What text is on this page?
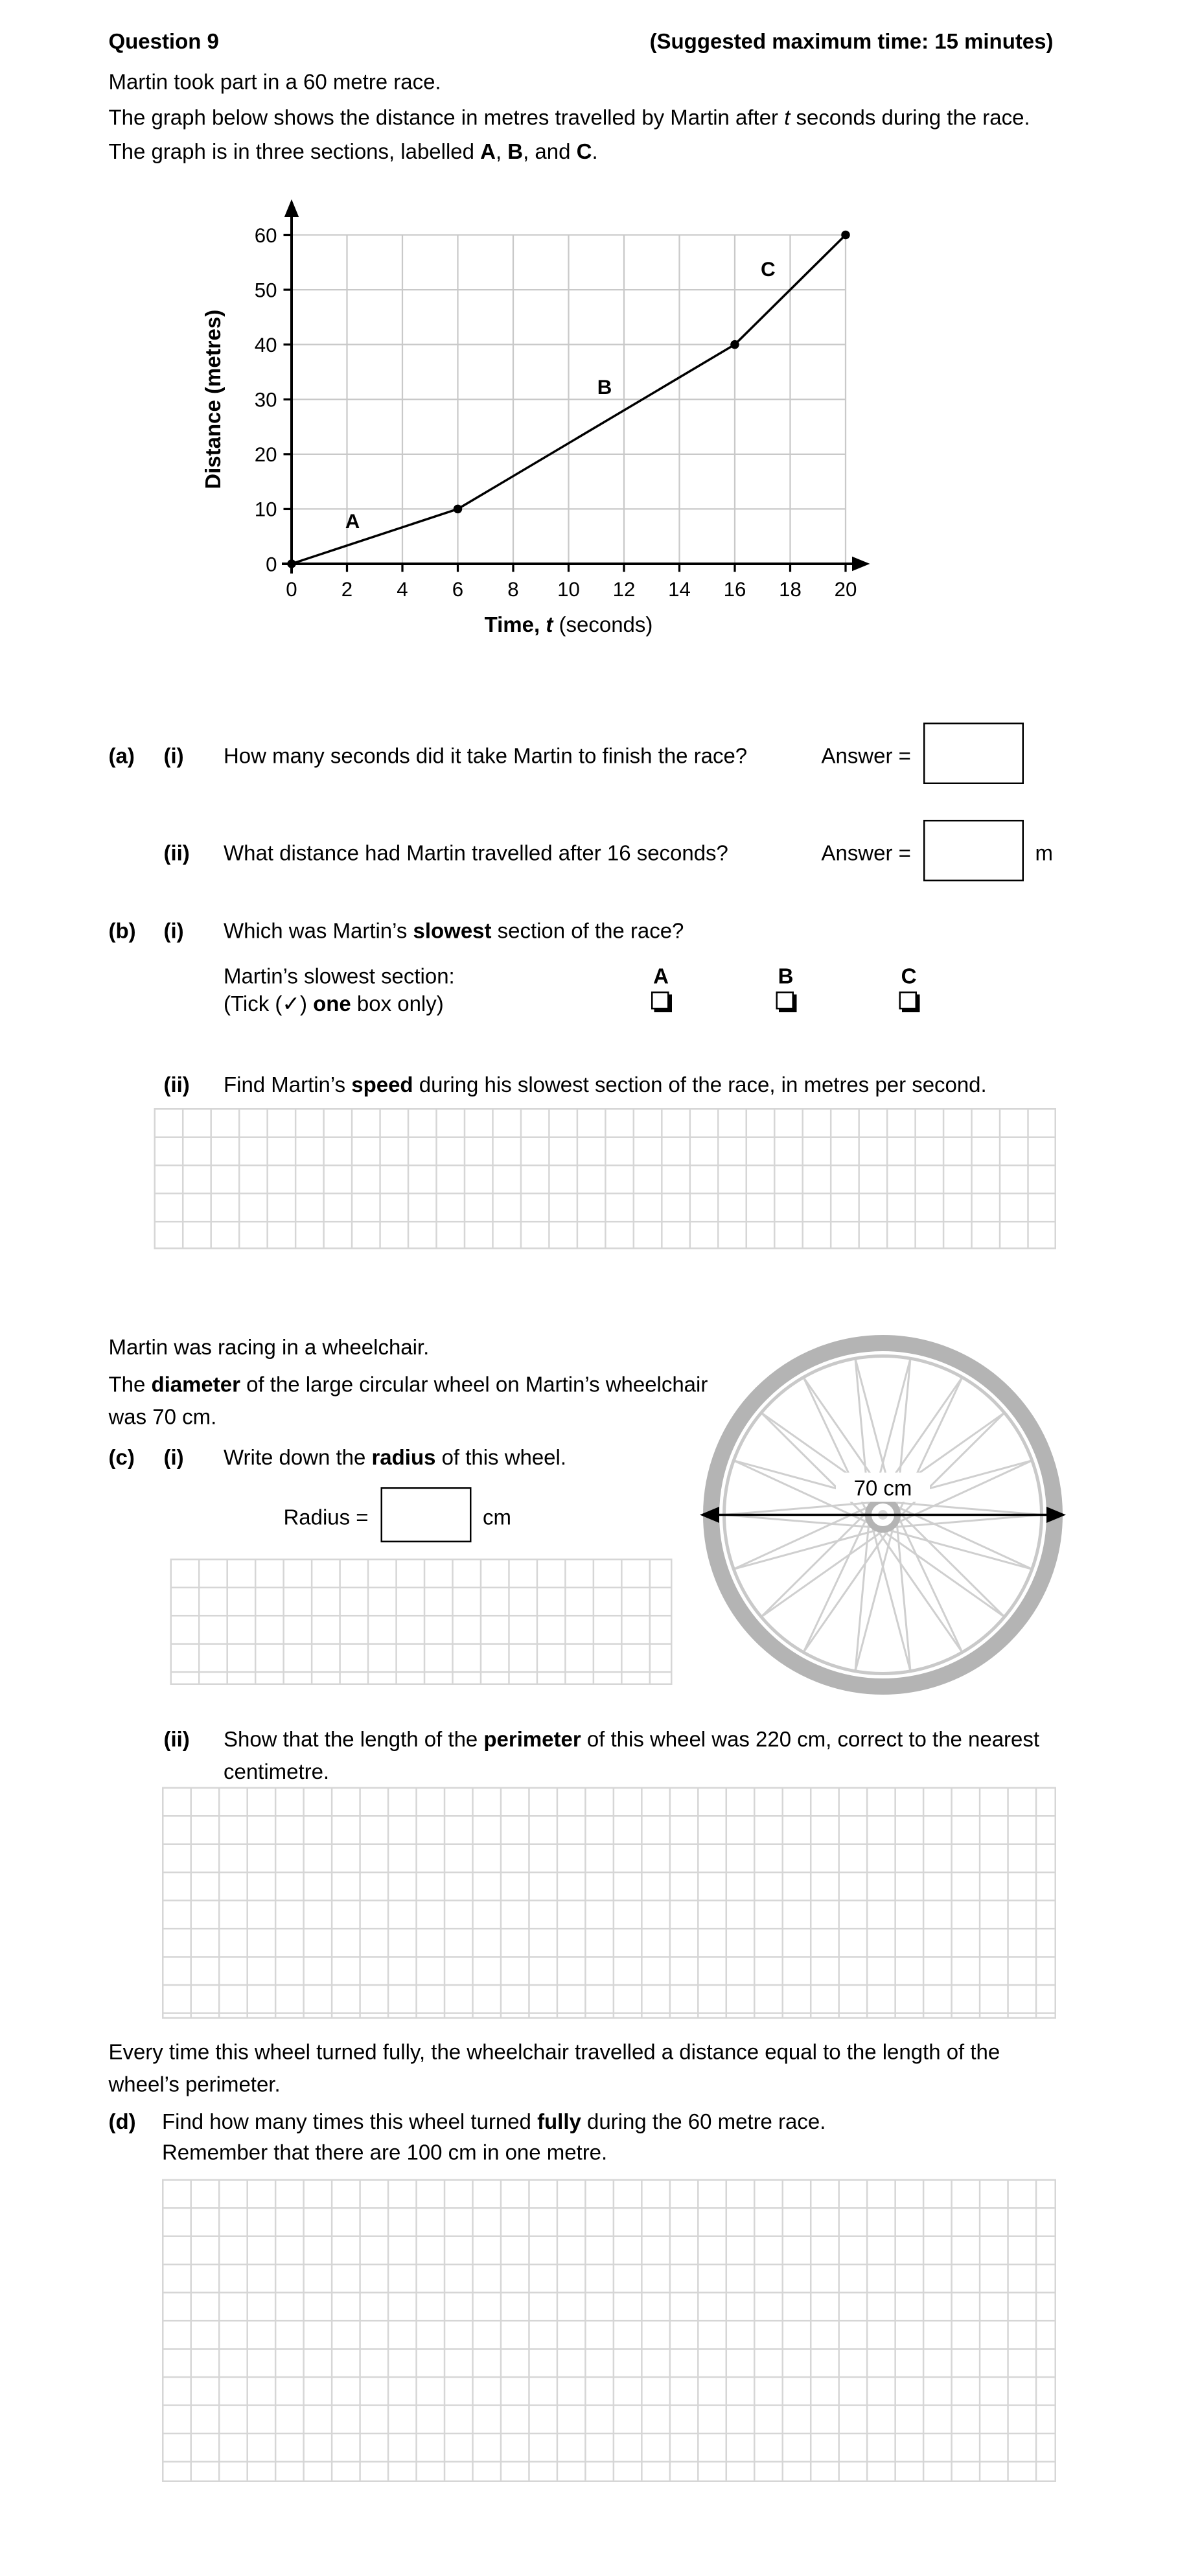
Question 9	(Suggested maximum time: 15 minutes)
Martin took part in a 60 metre race.
The graph below shows the distance in metres travelled by Martin after t seconds during the race.
The graph is in three sections, labelled A, B, and C.
0	2	4	6	8	10	12	14	16	18	20
0
10
20
30
40
50
60
A
B
C
Distance (metres)
Time, t (seconds)
(a)	(i)	How many seconds did it take Martin to finish the race?	Answer =
(ii)	What distance had Martin travelled after 16 seconds?	Answer =	m
(b)	(i)	Which was Martin’s slowest section of the race?
Martin’s slowest section:
(Tick (✓) one box only)
A	B	C
(ii)	Find Martin’s speed during his slowest section of the race, in metres per second.
Martin was racing in a wheelchair.
The diameter of the large circular wheel on Martin’s wheelchair was 70 cm.
70 cm
(c)	(i)	Write down the radius of this wheel.
Radius =	cm
(ii)	Show that the length of the perimeter of this wheel was 220 cm, correct to the nearest centimetre.
Every time this wheel turned fully, the wheelchair travelled a distance equal to the length of the wheel’s perimeter.
(d)	Find how many times this wheel turned fully during the 60 metre race.
Remember that there are 100 cm in one metre.
